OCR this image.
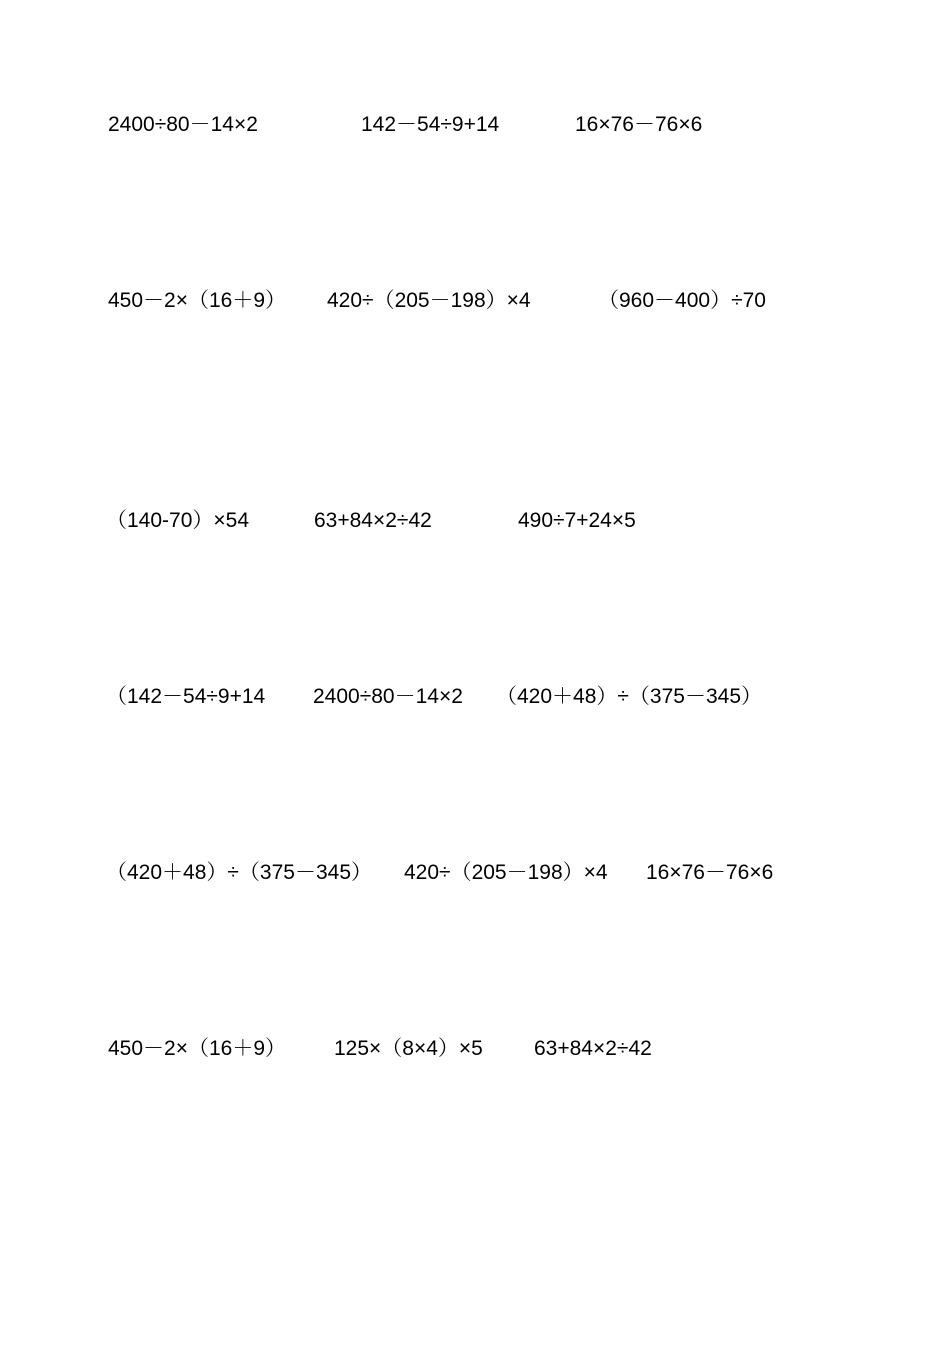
2400÷80－14×2	142－54÷9+14	16×76－76×6
450－2×（16＋9） 420÷（205－198）×4	（960－400）÷70
（140-70）×54	63+84×2÷42	490÷7+24×5
（142－54÷9+14 2400÷80－14×2 （420＋48）÷（375－345）
（420＋48）÷（375－345） 420÷（205－198）×4 16×76－76×6
450－2×（16＋9） 125×（8×4）×5 63+84×2÷42
